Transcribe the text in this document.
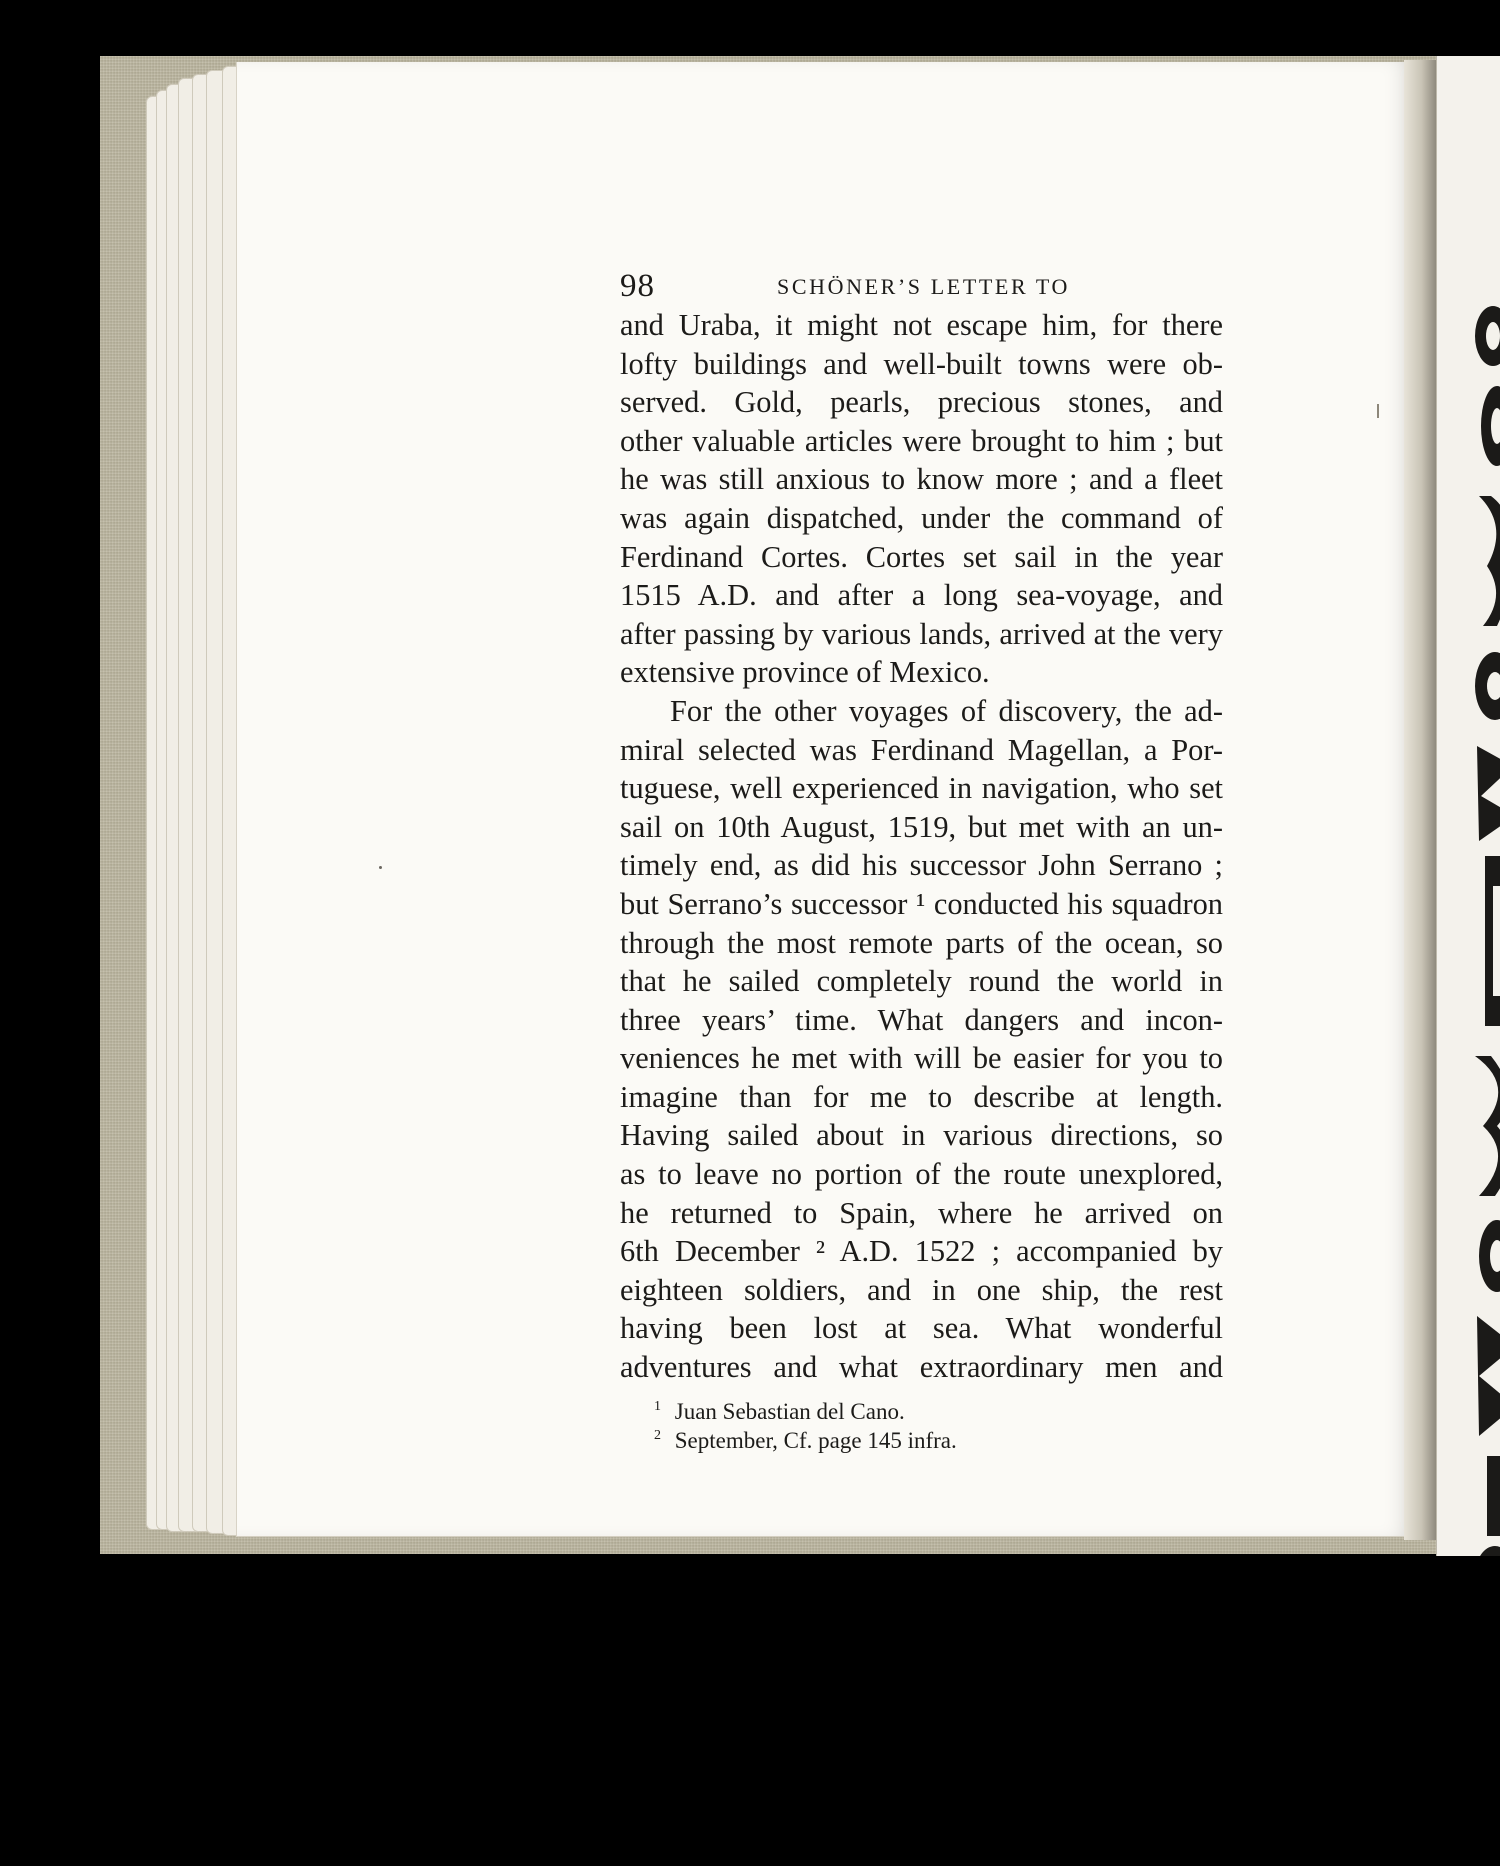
98	SCHÖNER’S LETTER TO
and Uraba, it might not escape him, for there
lofty buildings and well-built towns were ob-
served. Gold, pearls, precious stones, and
other valuable articles were brought to him ; but
he was still anxious to know more ; and a fleet
was again dispatched, under the command of
Ferdinand Cortes. Cortes set sail in the year
1515 A.D. and after a long sea-voyage, and
after passing by various lands, arrived at the very
extensive province of Mexico.
For the other voyages of discovery, the ad-
miral selected was Ferdinand Magellan, a Por-
tuguese, well experienced in navigation, who set
sail on 10th August, 1519, but met with an un-
timely end, as did his successor John Serrano ;
but Serrano’s successor ¹ conducted his squadron
through the most remote parts of the ocean, so
that he sailed completely round the world in
three years’ time. What dangers and incon-
veniences he met with will be easier for you to
imagine than for me to describe at length.
Having sailed about in various directions, so
as to leave no portion of the route unexplored,
he returned to Spain, where he arrived on
6th December ² A.D. 1522 ; accompanied by
eighteen soldiers, and in one ship, the rest
having been lost at sea. What wonderful
adventures and what extraordinary men and
$^1$ Juan Sebastian del Cano.
$^2$ September, Cf. page 145 infra.
